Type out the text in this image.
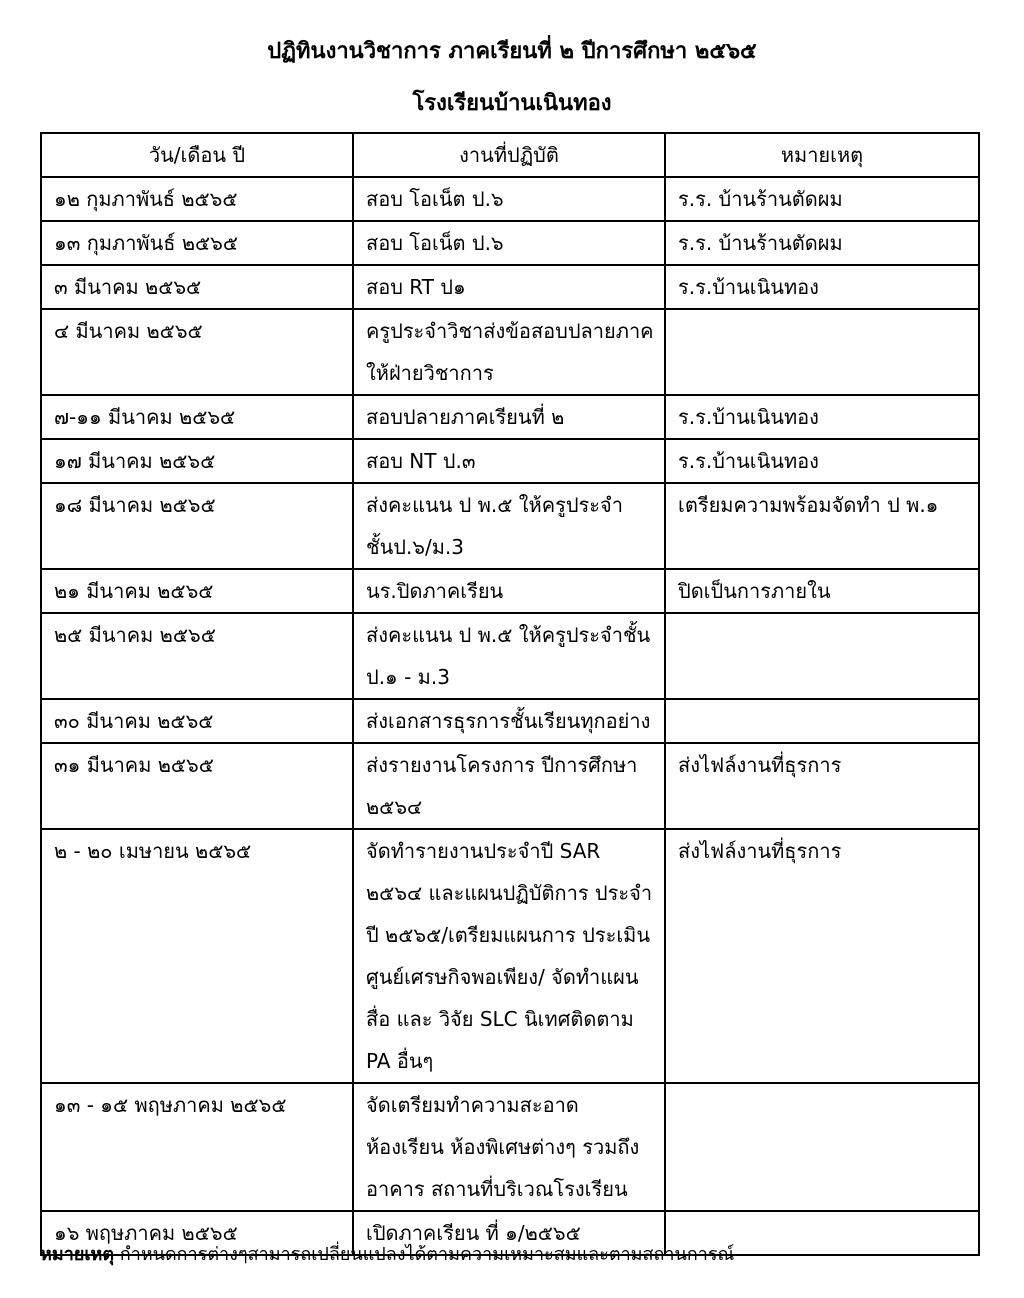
ปฏิทินงานวิชาการ ภาคเรียนที่ ๒ ปีการศึกษา ๒๕๖๕
โรงเรียนบ้านเนินทอง
วัน/เดือน ปี	งานที่ปฏิบัติ	หมายเหตุ
๑๒ กุมภาพันธ์ ๒๕๖๕	สอบ โอเน็ต ป.๖	ร.ร. บ้านร้านตัดผม
๑๓ กุมภาพันธ์ ๒๕๖๕	สอบ โอเน็ต ป.๖	ร.ร. บ้านร้านตัดผม
๓ มีนาคม ๒๕๖๕	สอบ RT ป๑	ร.ร.บ้านเนินทอง
๔ มีนาคม ๒๕๖๕	ครูประจำวิชาส่งข้อสอบปลายภาค ให้ฝ่ายวิชาการ	
๗-๑๑ มีนาคม ๒๕๖๕	สอบปลายภาคเรียนที่ ๒	ร.ร.บ้านเนินทอง
๑๗ มีนาคม ๒๕๖๕	สอบ NT ป.๓	ร.ร.บ้านเนินทอง
๑๘ มีนาคม ๒๕๖๕	ส่งคะแนน ป พ.๕ ให้ครูประจำ ชั้นป.๖/ม.3	เตรียมความพร้อมจัดทำ ป พ.๑
๒๑ มีนาคม ๒๕๖๕	นร.ปิดภาคเรียน	ปิดเป็นการภายใน
๒๕ มีนาคม ๒๕๖๕	ส่งคะแนน ป พ.๕ ให้ครูประจำชั้น ป.๑ - ม.3	
๓๐ มีนาคม ๒๕๖๕	ส่งเอกสารธุรการชั้นเรียนทุกอย่าง	
๓๑ มีนาคม ๒๕๖๕	ส่งรายงานโครงการ ปีการศึกษา ๒๕๖๔	ส่งไฟล์งานที่ธุรการ
๒ - ๒๐ เมษายน ๒๕๖๕	จัดทำรายงานประจำปี SAR ๒๕๖๔ และแผนปฏิบัติการ ประจำปี ๒๕๖๕/เตรียมแผนการ ประเมินศูนย์เศรษกิจพอเพียง/ จัดทำแผน สื่อ และ วิจัย SLC นิเทศติดตาม PA อื่นๆ	ส่งไฟล์งานที่ธุรการ
๑๓ - ๑๕ พฤษภาคม ๒๕๖๕	จัดเตรียมทำความสะอาดห้องเรียน ห้องพิเศษต่างๆ รวมถึงอาคาร สถานที่บริเวณโรงเรียน	
๑๖ พฤษภาคม ๒๕๖๕	เปิดภาคเรียน ที่ ๑/๒๕๖๕	
หมายเหตุ กำหนดการต่างๆสามารถเปลี่ยนแปลงได้ตามความเหมาะสมและตามสถานการณ์
